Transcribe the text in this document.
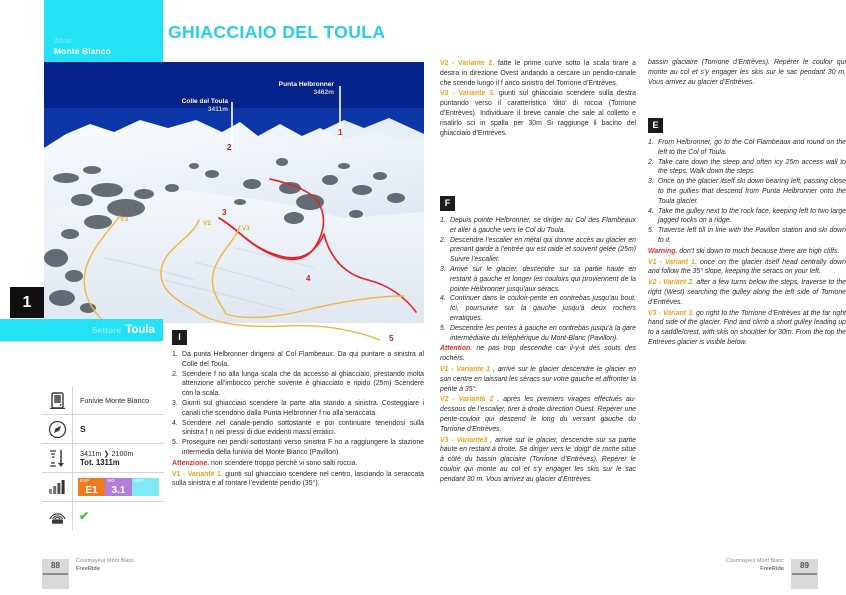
Zona
Monte Bianco
GHIACCIAIO DEL TOULA
Punta Helbronner
3462m
Colle del Toula
3411m
1
2
3
4
5
V1
V2
V3
1
Settore Toula
Funivie Monte Bianco
S
3411m ❯ 2100m
Tot. 1311m
EXP
E1
SKI
3.1
ALP
✔
I
Da punta Helbronner dirigersi al Col Flambeaux. Da qui puntare a sinistra al Colle del Toula.
Scendere f no alla lunga scala che da accesso al ghiacciaio, prestando molta attenzione all’imbocco perchè sovente è ghiacciato e ripido (25m) Scendere con la scala.
Giunti sul ghiacciaio scendere la parte alta stando a sinistra. Costeggiare i canali che scendono dalla Punta Helbronner f no alla seraccata.
Scendere nel canale-pendio sottostante e poi continuare tenendosi sulla sinistra f n nei pressi di due evidenti massi erratici.
Proseguire nei pendii sottostanti verso sinistra F no a raggiungere la stazione intermedia della funivia del Monte Bianco (Pavillon).
Attenzione. non scendere troppo perchè vi sono salti roccia.
V1 - Variante 1. giunti sul ghiacciaio scendere nel centro, lasciando la seraccata sulla sinistra e af rontare l’evidente pendio (35°).
88
Courmayeur Mont Blanc
FreeRide
V2 - Variante 2. fatte le prime curve sotto la scala tirare a destra in direzione Ovest andando a cercare un pendio-canale che scende lungo il f anco sinistro del Torrione d’Entrèves.
V3 - Variante 3. giunti sul ghiacciaio scendere sulla destra puntando verso il caratteristico ‘dito’ di roccia (Torrione d’Entrèves). Individuare il breve canale che sale al colletto e risalirlo sci in spalla per 30m Si raggiunge il bacino del ghiacciaio d’Entrèves.
F
Depuis pointe Helbronner, se diriger au Col des Flambeaux et aller à gauche vers le Col du Toula.
Descendre l’escalier en métal qui donne accès au glacier en prenant garde à l’entrée qui est raide et souvent gelée (25m) Suivre l’escalier.
Arrivé sur le glacier, descendre sur sa partie haute en restant à gauche et longer les couloirs qui proviennent de la pointe Helbronner jusqu’aux séracs.
Continuer dans le couloir-pente en contrebas jusqu’au bout. Ici, poursuivre sur la gauche jusqu’à deux rochers erratiques.
Descendre les pentes à gauche en contrebas jusqu’à la gare intermédiaire du téléphérique du Mont-Blanc (Pavillon).
Attention. ne pas trop descendre car il-y-à des souts des rochers.
V1 - Variante 1 , arrivé sur le glacier descendre le glacier en son centre en laissant les séracs sur votre gauche et affronter la pente à 35°.
V2 - Variante 2 , après les premiers virages effectués au-dessous de l’escalier, tirer à droite direction Ouest. Repérer une pente-couloir qui descend le long du versant gauche du Torrione d’Entrèves.
V3 - Variante3 , arrivé sur le glacier, descendre sur sa partie haute en restant à droite. Se diriger vers le ‘doigt’ de roche situé à côté du bassin glaciaire (Torrione d’Entrèves). Repérer le couloir qui monte au col et s’y engager les skis sur le sac pendant 30 m. Vous arrivez au glacier d’Entrèves.
bassin glaciaire (Torrione d’Entrèves). Repérer le couloir qui monte au col et s’y engager les skis sur le sac pendant 30 m. Vous arrivez au glacier d’Entrèves.
E
From Helbronner, go to the Col Flambeaux and round on the left to the Col of Toula.
Take care down the steep and often icy 25m access wall to the steps. Walk down the steps.
Once on the glacier itself ski down bearing left, passing close to the gullies that descend from Punta Helbronner onto the Toula glacier.
Take the gulley next to the rock face, keeping left to two large jagged rocks on a ridge.
Traverse left till in line with the Pavillon station and ski down to it.
Warning. don’t ski down to much because there are high cliffs.
V1 - Variant 1. once on the glacier itself head centrally down and follow the 35° slope, keeping the seracs on your left.
V2 - Variant 2. after a few turns below the steps, traverse to the right (West) searching the gulley along the left side of Torrione d’Entrèves.
V3 - Variant 3. go right to the Torrione d’Entrèves at the far right hand side of the glacier. Find and climb a short gulley leading up to a saddle/crest, with skis on shoulder for 30m. From the top the Entrèves glacier is visible below.
89
Courmayeur Mont Blanc
FreeRide
